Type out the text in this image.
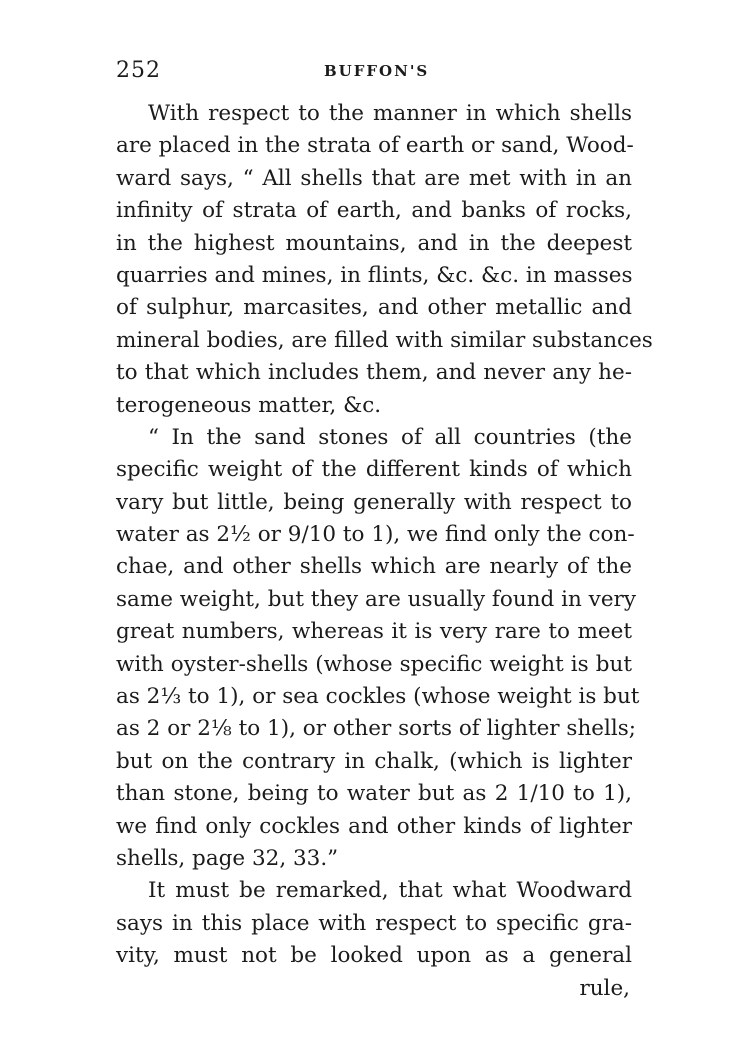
252	BUFFON'S
With respect to the manner in which shells
are placed in the strata of earth or sand, Wood-
ward says, “ All shells that are met with in an
infinity of strata of earth, and banks of rocks,
in the highest mountains, and in the deepest
quarries and mines, in flints, &c. &c. in masses
of sulphur, marcasites, and other metallic and
mineral bodies, are filled with similar substances
to that which includes them, and never any he-
terogeneous matter, &c.
“ In the sand stones of all countries (the
specific weight of the different kinds of which
vary but little, being generally with respect to
water as 2½ or 9/10 to 1), we find only the con-
chae, and other shells which are nearly of the
same weight, but they are usually found in very
great numbers, whereas it is very rare to meet
with oyster-shells (whose specific weight is but
as 2⅓ to 1), or sea cockles (whose weight is but
as 2 or 2⅛ to 1), or other sorts of lighter shells;
but on the contrary in chalk, (which is lighter
than stone, being to water but as 2 1/10 to 1),
we find only cockles and other kinds of lighter
shells, page 32, 33.”
It must be remarked, that what Woodward
says in this place with respect to specific gra-
vity, must not be looked upon as a general
rule,
